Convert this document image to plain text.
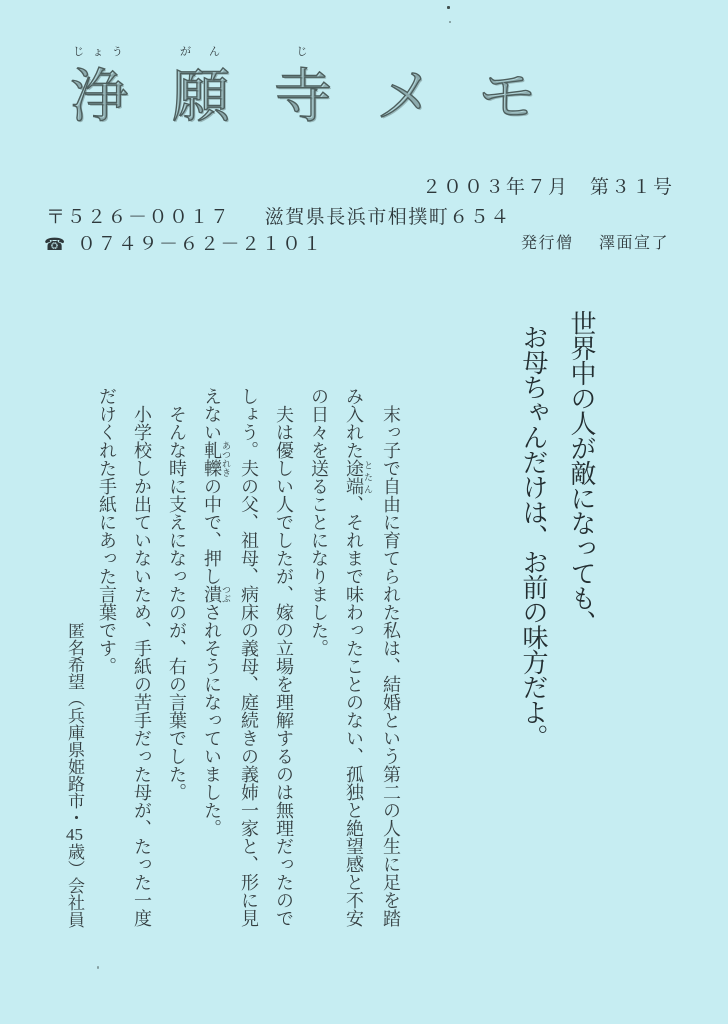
浄じょう
願がん
寺じ
メ モ
２００３年７月　第３１号
〒５２６－００１７ 滋賀県長浜市相撲町６５４
☎ ０７４９－６２－２１０１	発行僧 澤面宣了
世界中の人が敵になっても、
お母ちゃんだけは、お前の味方だよ。
　末っ子で自由に育てられた私は、結婚という第二の人生に足を踏
み入れた途端 とたん、それまで味わったことのない、孤独と絶望感と不安
の日々を送ることになりました。
　夫は優しい人でしたが、嫁の立場を理解するのは無理だったので
しょう。夫の父、祖母、病床の義母、庭続きの義姉一家と、形に見
えない軋轢 あつれきの中で、押し潰 つぶされそうになっていました。
　そんな時に支えになったのが、右の言葉でした。
　小学校しか出ていないため、手紙の苦手だった母が、たった一度
だけくれた手紙にあった言葉です。
匿名希望（兵庫県姫路市・45歳）会社員
